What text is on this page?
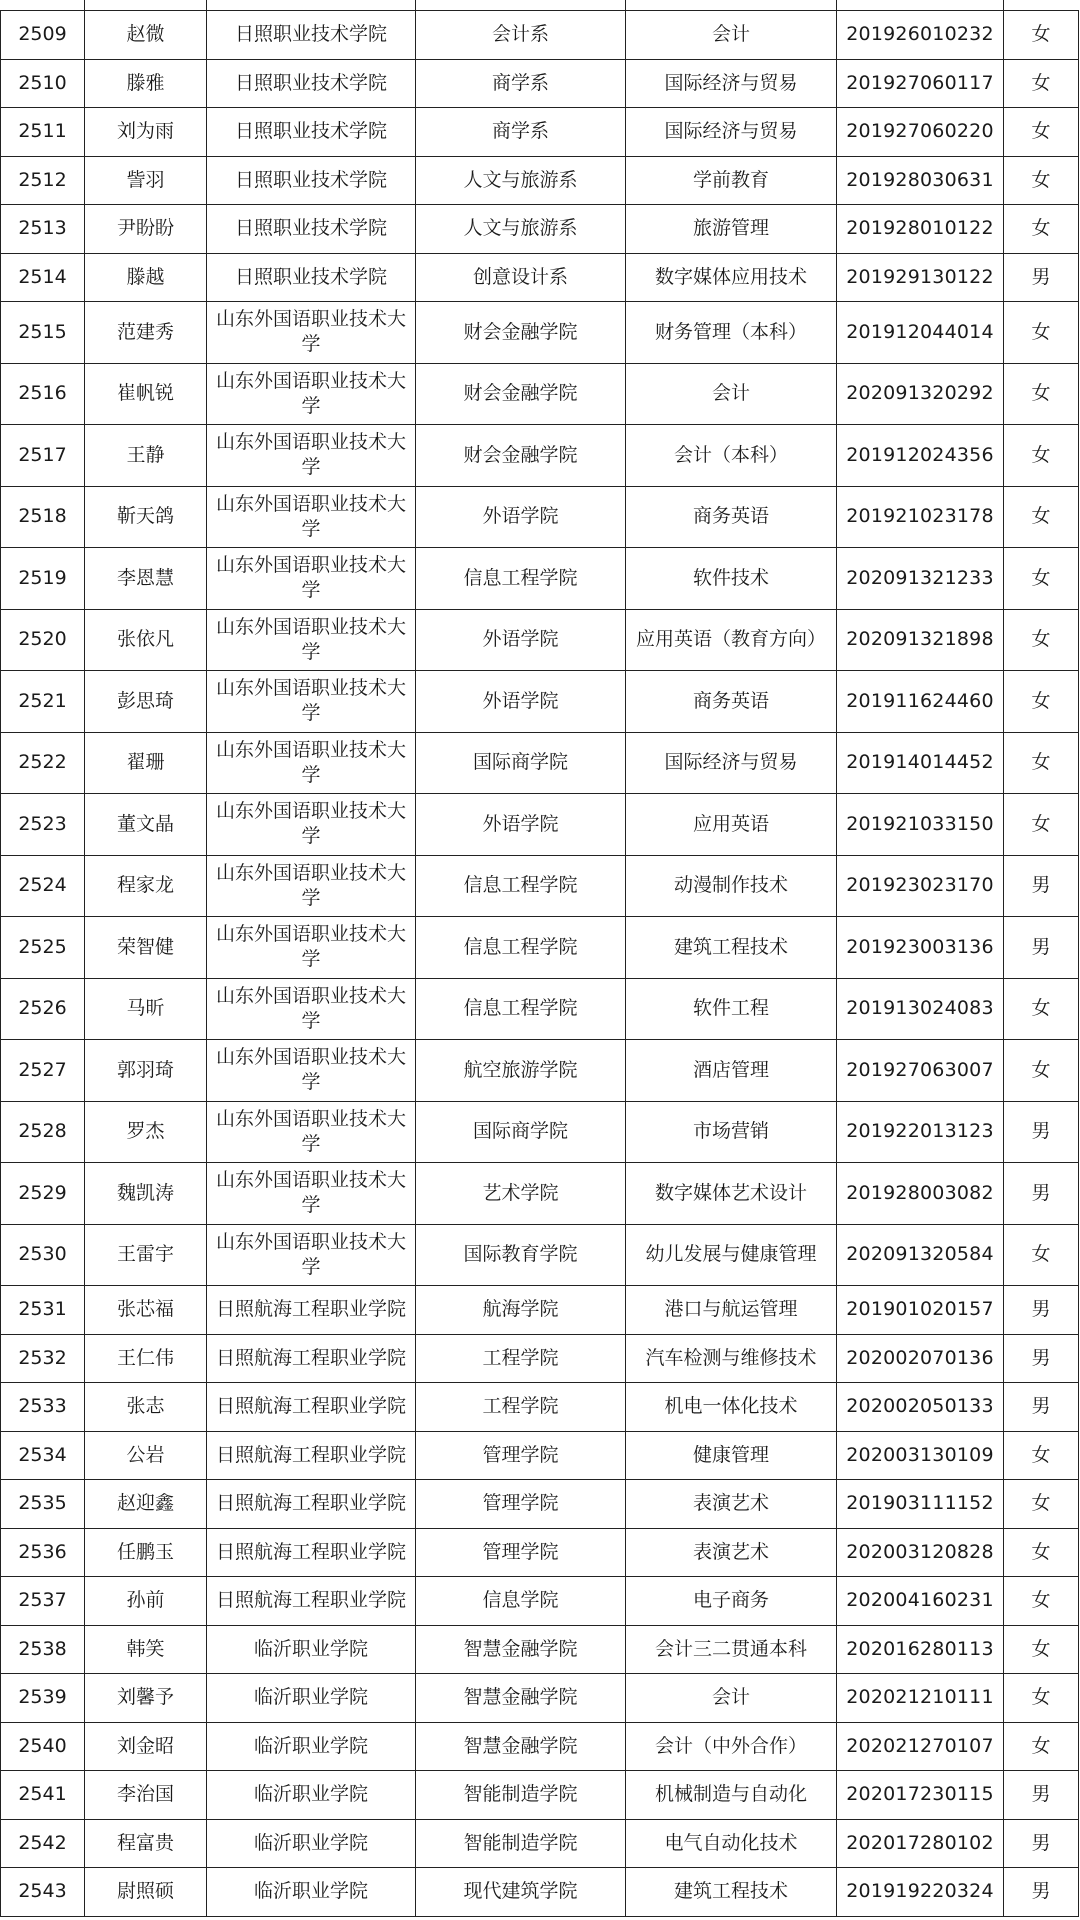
2509	赵微	日照职业技术学院	会计系	会计	201926010232	女
2510	滕雅	日照职业技术学院	商学系	国际经济与贸易	201927060117	女
2511	刘为雨	日照职业技术学院	商学系	国际经济与贸易	201927060220	女
2512	訾羽	日照职业技术学院	人文与旅游系	学前教育	201928030631	女
2513	尹盼盼	日照职业技术学院	人文与旅游系	旅游管理	201928010122	女
2514	滕越	日照职业技术学院	创意设计系	数字媒体应用技术	201929130122	男
2515	范建秀	山东外国语职业技术大学	财会金融学院	财务管理（本科）	201912044014	女
2516	崔帆锐	山东外国语职业技术大学	财会金融学院	会计	202091320292	女
2517	王静	山东外国语职业技术大学	财会金融学院	会计（本科）	201912024356	女
2518	靳天鸽	山东外国语职业技术大学	外语学院	商务英语	201921023178	女
2519	李恩慧	山东外国语职业技术大学	信息工程学院	软件技术	202091321233	女
2520	张依凡	山东外国语职业技术大学	外语学院	应用英语（教育方向）	202091321898	女
2521	彭思琦	山东外国语职业技术大学	外语学院	商务英语	201911624460	女
2522	翟珊	山东外国语职业技术大学	国际商学院	国际经济与贸易	201914014452	女
2523	董文晶	山东外国语职业技术大学	外语学院	应用英语	201921033150	女
2524	程家龙	山东外国语职业技术大学	信息工程学院	动漫制作技术	201923023170	男
2525	荣智健	山东外国语职业技术大学	信息工程学院	建筑工程技术	201923003136	男
2526	马昕	山东外国语职业技术大学	信息工程学院	软件工程	201913024083	女
2527	郭羽琦	山东外国语职业技术大学	航空旅游学院	酒店管理	201927063007	女
2528	罗杰	山东外国语职业技术大学	国际商学院	市场营销	201922013123	男
2529	魏凯涛	山东外国语职业技术大学	艺术学院	数字媒体艺术设计	201928003082	男
2530	王雷宇	山东外国语职业技术大学	国际教育学院	幼儿发展与健康管理	202091320584	女
2531	张芯福	日照航海工程职业学院	航海学院	港口与航运管理	201901020157	男
2532	王仁伟	日照航海工程职业学院	工程学院	汽车检测与维修技术	202002070136	男
2533	张志	日照航海工程职业学院	工程学院	机电一体化技术	202002050133	男
2534	公岩	日照航海工程职业学院	管理学院	健康管理	202003130109	女
2535	赵迎鑫	日照航海工程职业学院	管理学院	表演艺术	201903111152	女
2536	任鹏玉	日照航海工程职业学院	管理学院	表演艺术	202003120828	女
2537	孙前	日照航海工程职业学院	信息学院	电子商务	202004160231	女
2538	韩笑	临沂职业学院	智慧金融学院	会计三二贯通本科	202016280113	女
2539	刘馨予	临沂职业学院	智慧金融学院	会计	202021210111	女
2540	刘金昭	临沂职业学院	智慧金融学院	会计（中外合作）	202021270107	女
2541	李治国	临沂职业学院	智能制造学院	机械制造与自动化	202017230115	男
2542	程富贵	临沂职业学院	智能制造学院	电气自动化技术	202017280102	男
2543	尉照硕	临沂职业学院	现代建筑学院	建筑工程技术	201919220324	男
